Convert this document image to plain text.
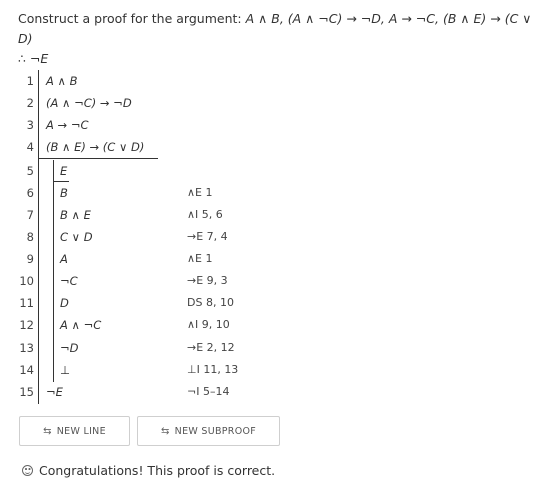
Construct a proof for the argument: A ∧ B, (A ∧ ¬C) → ¬D, A → ¬C, (B ∧ E) → (C ∨ D)
∴ ¬E
1 A ∧ B
2 (A ∧ ¬C) → ¬D
3 A → ¬C
4 (B ∧ E) → (C ∨ D)
5 E
6 B	∧E 1
7 B ∧ E	∧I 5, 6
8 C ∨ D	→E 7, 4
9 A	∧E 1
10 ¬C	→E 9, 3
11 D	DS 8, 10
12 A ∧ ¬C	∧I 9, 10
13 ¬D	→E 2, 12
14 ⊥	⊥I 11, 13
15 ¬E	¬I 5–14
⇆ NEW LINE	⇆ NEW SUBPROOF
Congratulations! This proof is correct.
